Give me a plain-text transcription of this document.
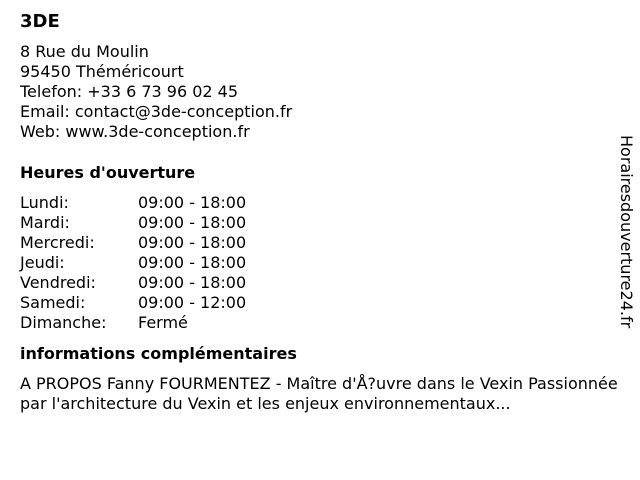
3DE
8 Rue du Moulin
95450 Théméricourt
Telefon: +33 6 73 96 02 45
Email: contact@3de-conception.fr
Web: www.3de-conception.fr
Heures d'ouverture
Lundi:	09:00 - 18:00
Mardi:	09:00 - 18:00
Mercredi:	09:00 - 18:00
Jeudi:	09:00 - 18:00
Vendredi:	09:00 - 18:00
Samedi:	09:00 - 12:00
Dimanche:	Fermé
informations complémentaires
A PROPOS Fanny FOURMENTEZ - Maître d'Å?uvre dans le Vexin Passionnée par l'architecture du Vexin et les enjeux environnementaux...
Horairesdouverture24.fr
